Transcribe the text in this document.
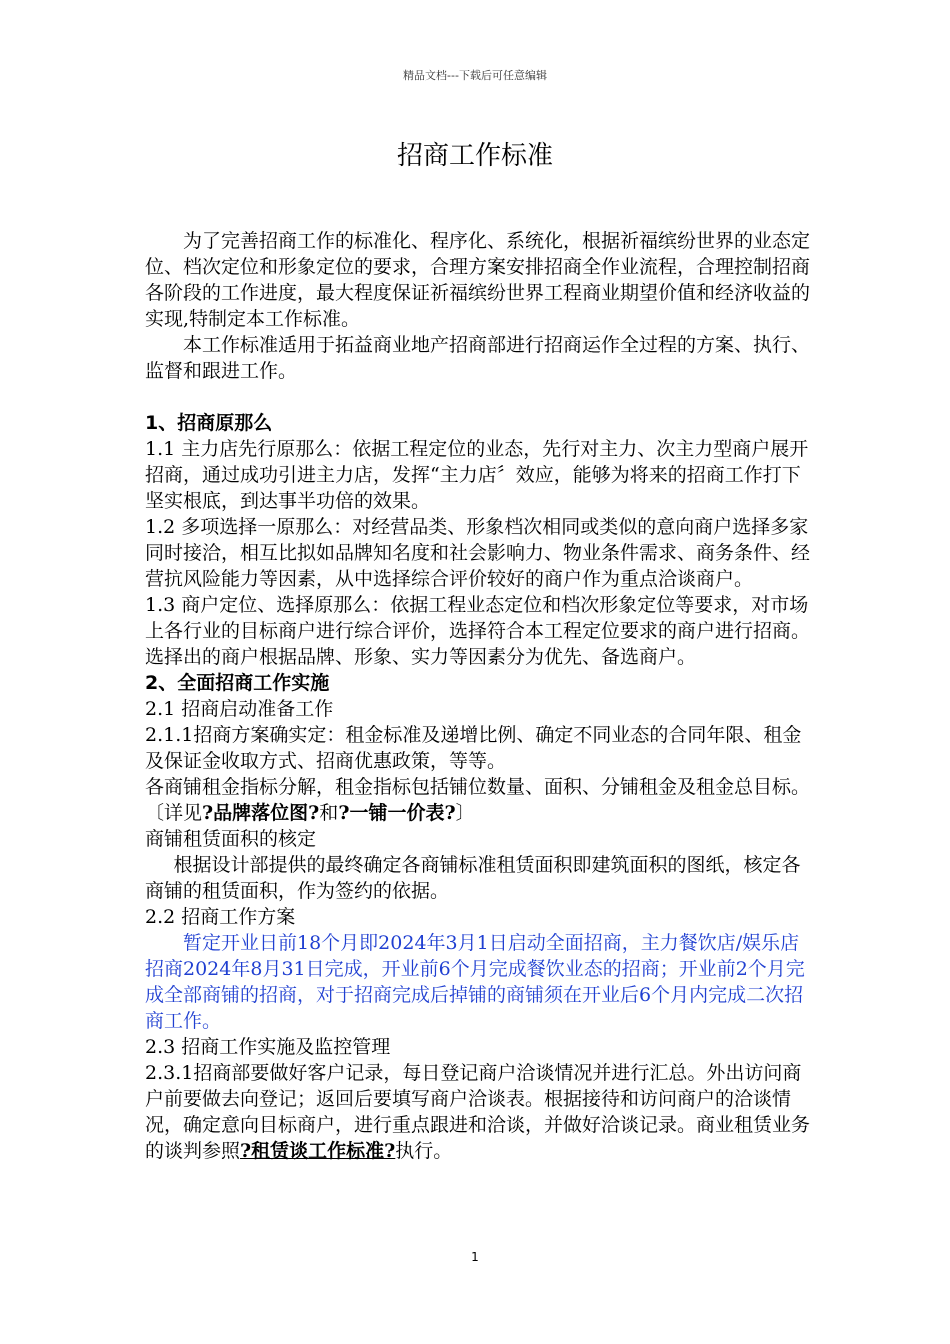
精品文档---下载后可任意编辑
招商工作标准

为了完善招商工作的标准化、程序化、系统化，根据祈福缤纷世界的业态定位、档次定位和形象定位的要求，合理方案安排招商全作业流程，合理控制招商各阶段的工作进度，最大程度保证祈福缤纷世界工程商业期望价值和经济收益的实现,特制定本工作标准。

本工作标准适用于拓益商业地产招商部进行招商运作全过程的方案、执行、监督和跟进工作。

1、招商原那么

1.1 主力店先行原那么：依据工程定位的业态，先行对主力、次主力型商户展开招商，通过成功引进主力店，发挥“主力店〞效应，能够为将来的招商工作打下坚实根底，到达事半功倍的效果。

1.2 多项选择一原那么：对经营品类、形象档次相同或类似的意向商户选择多家同时接洽，相互比拟如品牌知名度和社会影响力、物业条件需求、商务条件、经营抗风险能力等因素，从中选择综合评价较好的商户作为重点洽谈商户。

1.3 商户定位、选择原那么：依据工程业态定位和档次形象定位等要求，对市场上各行业的目标商户进行综合评价，选择符合本工程定位要求的商户进行招商。选择出的商户根据品牌、形象、实力等因素分为优先、备选商户。

2、全面招商工作实施

2.1 招商启动准备工作

2.1.1招商方案确实定：租金标准及递增比例、确定不同业态的合同年限、租金及保证金收取方式、招商优惠政策，等等。

各商铺租金指标分解，租金指标包括铺位数量、面积、分铺租金及租金总目标。〔详见?品牌落位图?和?一铺一价表?〕

商铺租赁面积的核定

根据设计部提供的最终确定各商铺标准租赁面积即建筑面积的图纸，核定各商铺的租赁面积，作为签约的依据。

2.2 招商工作方案

暂定开业日前18个月即2024年3月1日启动全面招商，主力餐饮店/娱乐店招商2024年8月31日完成，开业前6个月完成餐饮业态的招商；开业前2个月完成全部商铺的招商，对于招商完成后掉铺的商铺须在开业后6个月内完成二次招商工作。

2.3 招商工作实施及监控管理

2.3.1招商部要做好客户记录，每日登记商户洽谈情况并进行汇总。外出访问商户前要做去向登记；返回后要填写商户洽谈表。根据接待和访问商户的洽谈情况，确定意向目标商户，进行重点跟进和洽谈，并做好洽谈记录。商业租赁业务的谈判参照?租赁谈工作标准?执行。

1
